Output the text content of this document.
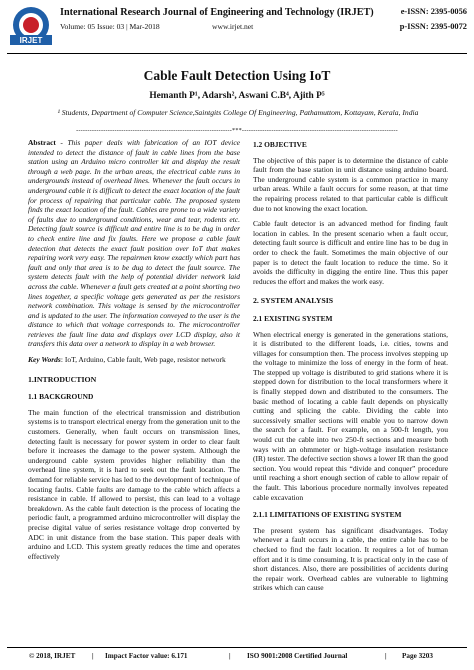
IRJET
International Research Journal of Engineering and Technology (IRJET)
Volume: 05 Issue: 03 | Mar-2018	www.irjet.net
e-ISSN: 2395-0056
p-ISSN: 2395-0072
Cable Fault Detection Using IoT
Hemanth P¹, Adarsh², Aswani C.B⁴, Ajith P⁵
¹ Students, Department of Computer Science,Saintgits College Of Engineering, Pathamuttom, Kottayam, Kerala, India
---------------------------------------------------------------------***---------------------------------------------------------------------

Abstract - This paper deals with fabrication of an IOT device intended to detect the distance of fault in cable lines from the base station using an Arduino micro controller kit and display the result through a web page. In the urban areas, the electrical cable runs in undergrounds instead of overhead lines. Whenever the fault occurs in underground cable it is difficult to detect the exact location of the fault for process of repairing that particular cable. The proposed system finds the exact location of the fault. Cables are prone to a wide variety of faults due to underground conditions, wear and tear, rodents etc. Detecting fault source is difficult and entire line is to be dug in order to check entire line and fix faults. Here we propose a cable fault detection that detects the exact fault position over IoT that makes repairing work very easy. The repairmen know exactly which part has fault and only that area is to be dug to detect the fault source. The system detects fault with the help of potential divider network laid across the cable. Whenever a fault gets created at a point shorting two lines together, a specific voltage gets generated as per the resistors network combination. This voltage is sensed by the microcontroller and is updated to the user. The information conveyed to the user is the distance to which that voltage corresponds to. The microcontroller retrieves the fault line data and displays over LCD display, also it transfers this data over a network to display in a web browser.

Key Words: IoT, Arduino, Cable fault, Web page, resistor network

1.INTRODUCTION
1.1 BACKGROUND

The main function of the electrical transmission and distribution systems is to transport electrical energy from the generation unit to the customers. Generally, when fault occurs on transmission lines, detecting fault is necessary for power system in order to clear fault before it increases the damage to the power system. Although the underground cable system provides higher reliability than the overhead line system, it is hard to seek out the fault location. The demand for reliable service has led to the development of technique of locating faults. Cable faults are damage to the cable which affects a resistance in cable. If allowed to persist, this can lead to a voltage breakdown. As the cable fault detection is the process of locating the periodic fault, a programmed arduino microcontroller will display the precise digital value of series resistance voltage drop converted by ADC in unit distance from the base station. This paper deals with arduino and LCD. This system greatly reduces the time and operates effectively

1.2 OBJECTIVE

The objective of this paper is to determine the distance of cable fault from the base station in unit distance using arduino board. The underground cable system is a common practice in many urban areas. While a fault occurs for some reason, at that time the repairing process related to that particular cable is difficult due to not knowing the exact location.

Cable fault detector is an advanced method for finding fault location in cables. In the present scenario when a fault occur, detecting fault source is difficult and entire line has to be dug in order to check the fault. Sometimes the main objective of our paper is to detect the fault location to reduce the time. So it avoids the difficulty in digging the entire line. Thus this paper reduces the effort and makes the work easy.

2. SYSTEM ANALYSIS
2.1 EXISTING SYSTEM

When electrical energy is generated in the generations stations, it is distributed to the different loads, i.e. cities, towns and villages for consumption then. The process involves stepping up the voltage to minimize the loss of energy in the form of heat. The stepped up voltage is distributed to grid stations where it is stepped down for distribution to the local transformers where it is finally stepped down and distributed to the consumers. The basic method of locating a cable fault depends on physically cutting and splicing the cable. Dividing the cable into successively smaller sections will enable you to narrow down the search for a fault. For example, on a 500-ft length, you would cut the cable into two 250-ft sections and measure both ways with an ohmmeter or high-voltage insulation resistance (IR) tester. The defective section shows a lower IR than the good section. You would repeat this “divide and conquer” procedure until reaching a short enough section of cable to allow repair of the fault. This laborious procedure normally involves repeated cable excavation

2.1.1 LIMITATIONS OF EXISTING SYSTEM

The present system has significant disadvantages. Today whenever a fault occurs in a cable, the entire cable has to be checked to find the fault location. It requires a lot of human effort and it is time consuming. It is practical only in the case of short distances. Also, there are possibilities of accidents during the repair work. Overhead cables are vulnerable to lightning strikes which can cause

© 2018, IRJET | Impact Factor value: 6.171	| ISO 9001:2008 Certified Journal	| Page 3203
